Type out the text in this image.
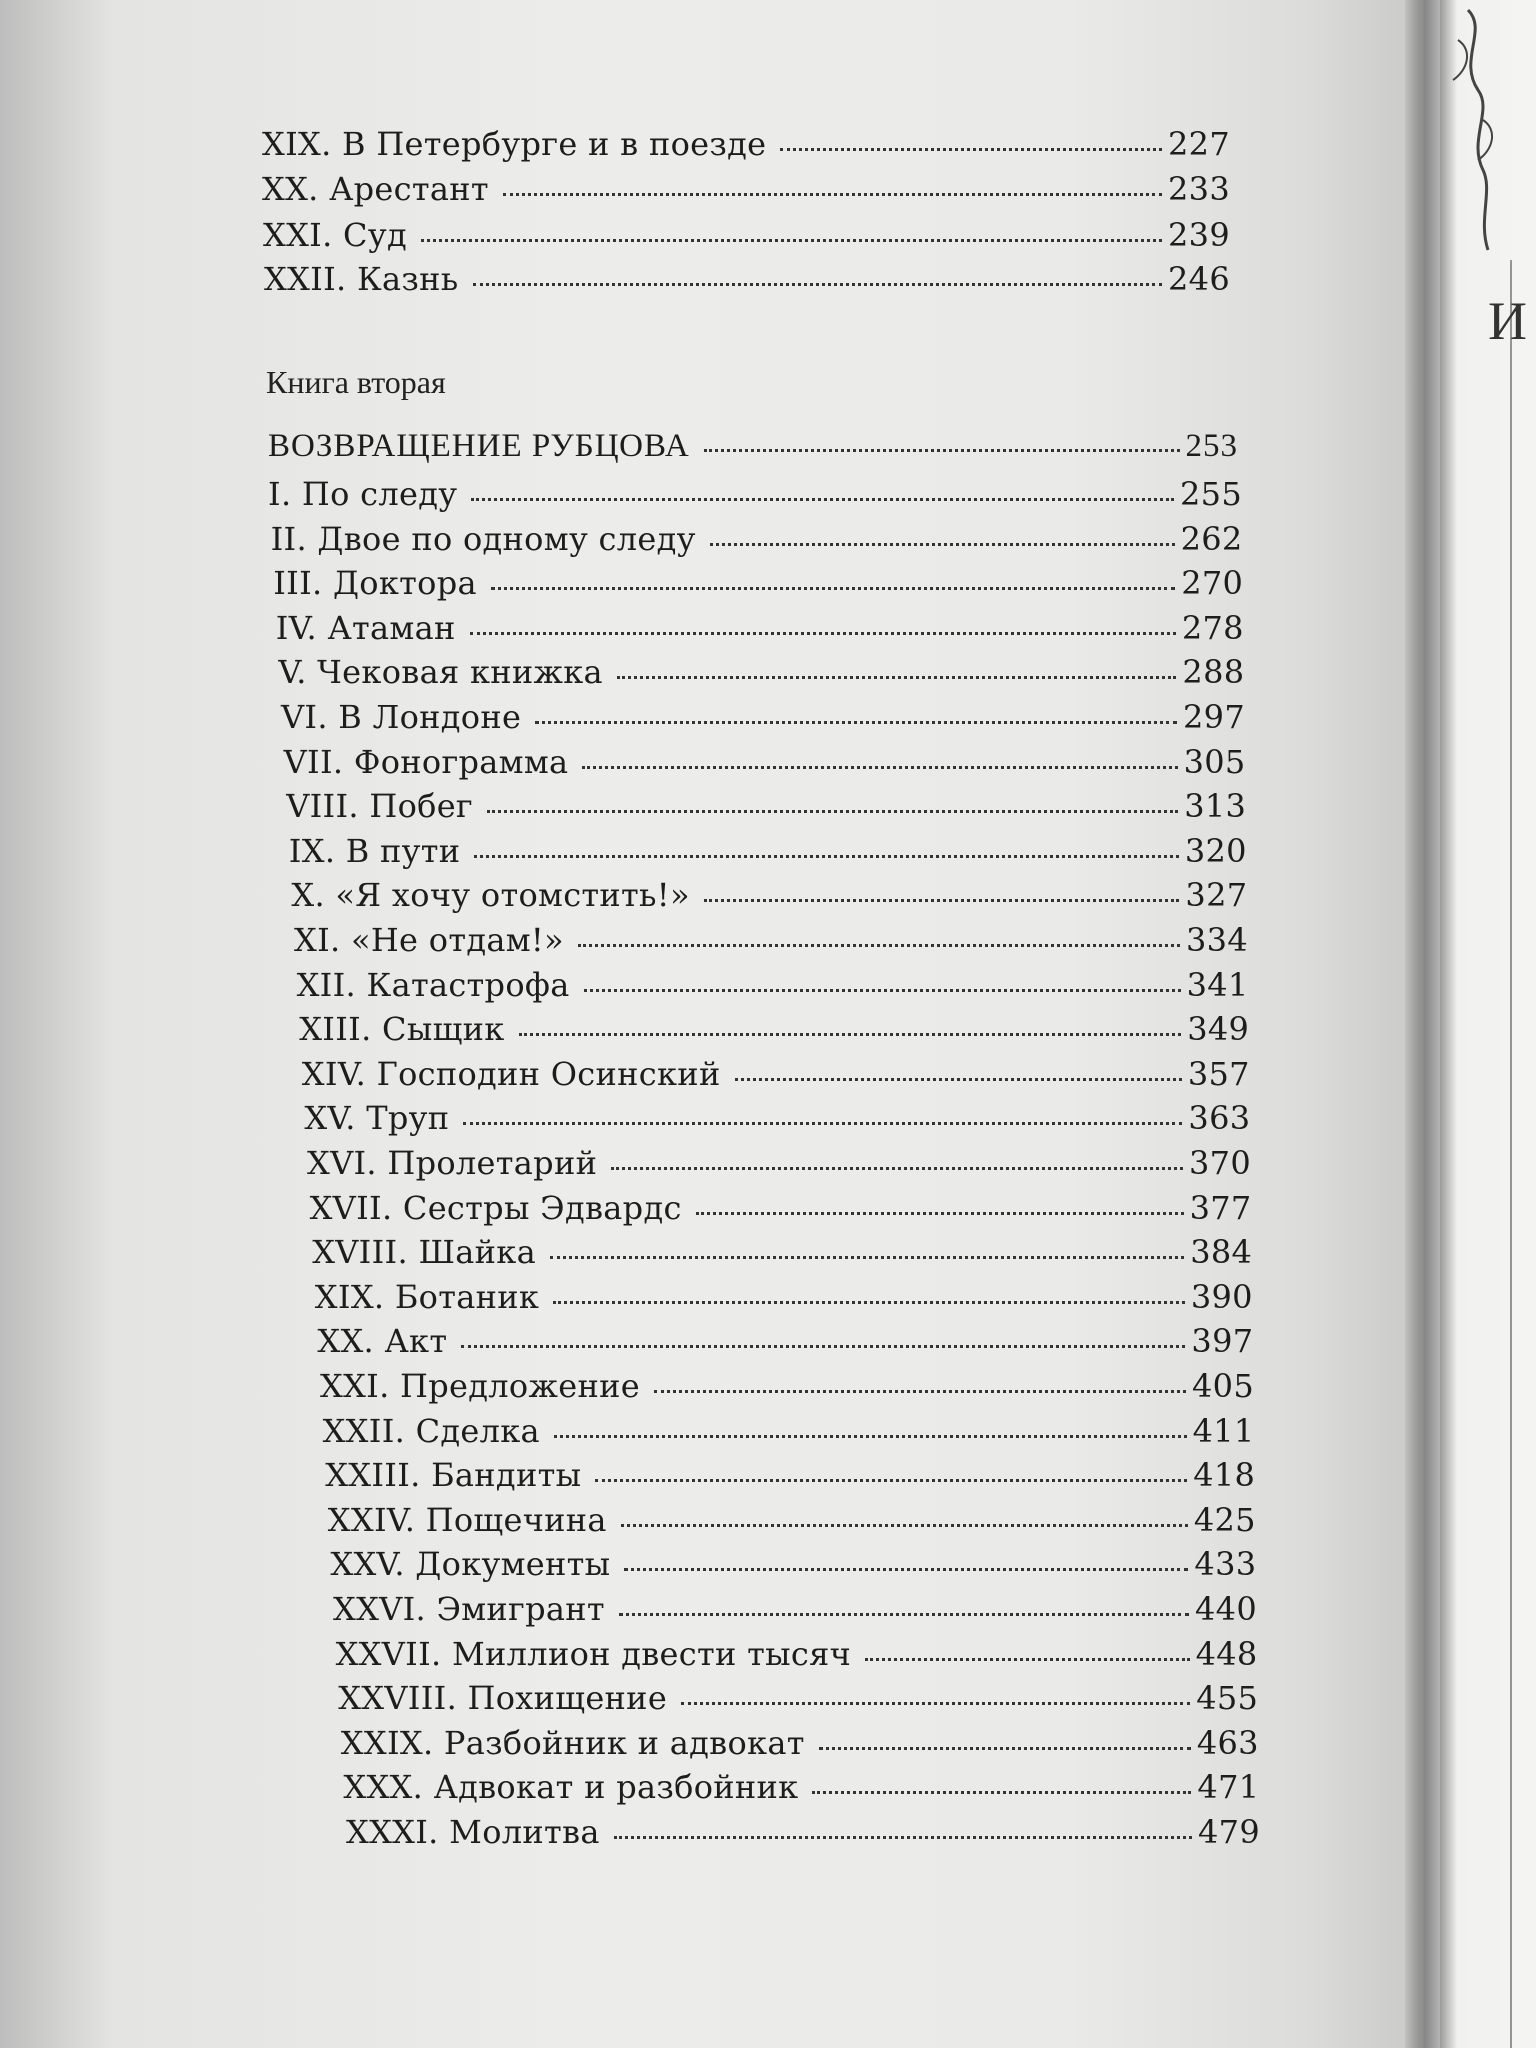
И
XIX. В Петербурге и в поезде	227
XX. Арестант	233
XXI. Суд	239
XXII. Казнь	246
Книга вторая
ВОЗВРАЩЕНИЕ РУБЦОВА	253
I. По следу	255
II. Двое по одному следу	262
III. Доктора	270
IV. Атаман	278
V. Чековая книжка	288
VI. В Лондоне	297
VII. Фонограмма	305
VIII. Побег	313
IX. В пути	320
X. «Я хочу отомстить!»	327
XI. «Не отдам!»	334
XII. Катастрофа	341
XIII. Сыщик	349
XIV. Господин Осинский	357
XV. Труп	363
XVI. Пролетарий	370
XVII. Сестры Эдвардс	377
XVIII. Шайка	384
XIX. Ботаник	390
XX. Акт	397
XXI. Предложение	405
XXII. Сделка	411
XXIII. Бандиты	418
XXIV. Пощечина	425
XXV. Документы	433
XXVI. Эмигрант	440
XXVII. Миллион двести тысяч	448
XXVIII. Похищение	455
XXIX. Разбойник и адвокат	463
XXX. Адвокат и разбойник	471
XXXI. Молитва	479
